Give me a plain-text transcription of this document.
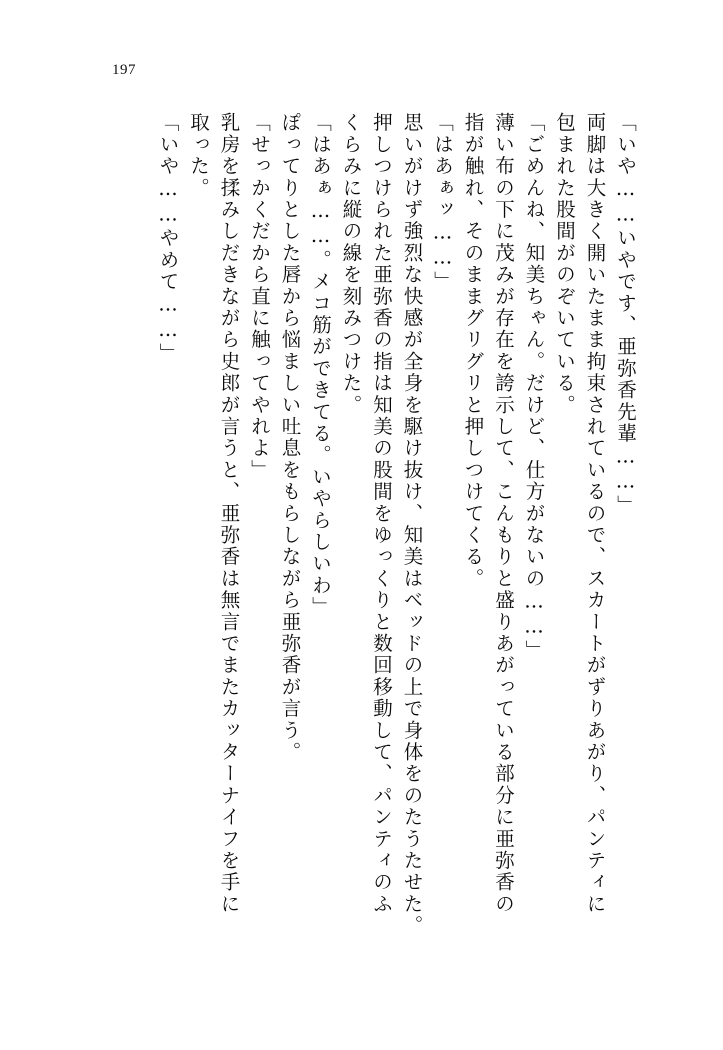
197
「いや……やめて……」 取った。 乳房を揉みしだきながら史郎が言うと、亜弥香は無言でまたカッターナイフを手に 「せっかくだから直に触ってやれよ」 ぽってりとした唇から悩ましい吐息をもらしながら亜弥香が言う。 「はあぁ……。メコ筋ができてる。いやらしいわ」 くらみに縦の線を刻みつけた。 押しつけられた亜弥香の指は知美の股間をゆっくりと数回移動して、パンティのふ 思いがけず強烈な快感が全身を駆け抜け、知美はベッドの上で身体をのたうたせた。 「はあぁッ……」 指が触れ、そのままグリグリと押しつけてくる。 薄い布の下に茂みが存在を誇示して、こんもりと盛りあがっている部分に亜弥香の 「ごめんね、知美ちゃん。だけど、仕方がないの……」 包まれた股間がのぞいている。 両脚は大きく開いたまま拘束されているので、スカートがずりあがり、パンティに 「いや……いやです、亜弥香先輩……」
